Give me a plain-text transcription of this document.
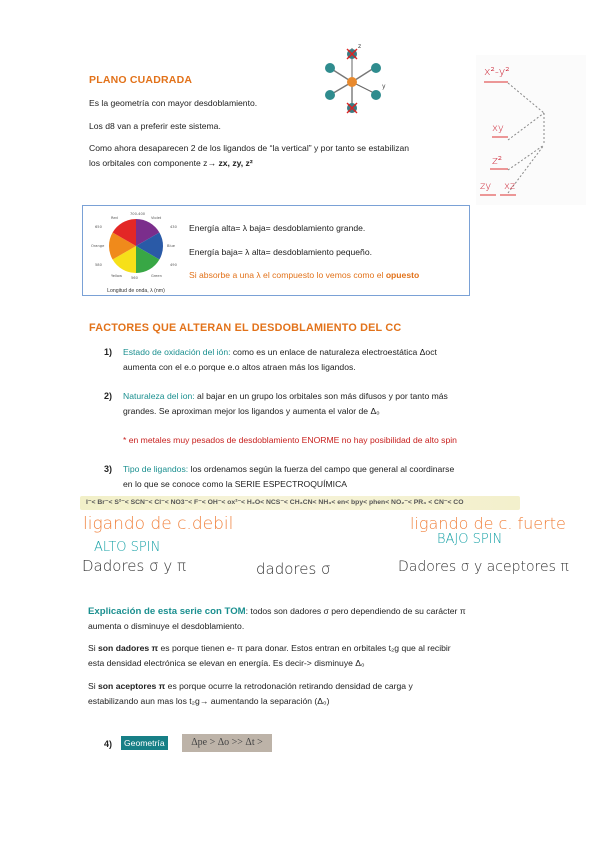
PLANO CUADRADA
Es la geometría con mayor desdoblamiento.
Los d8 van a preferir este sistema.
Como ahora desaparecen 2 de los ligandos de “la vertical” y por tanto se estabilizan
los orbitales con componente z→ zx, zy, z²
z
y
x²-y²
xy
z²
zy xz
700-400
Red	Violet
650	430
Orange	Blue
580	490
Yellow	Green
560
Longitud de onda, λ (nm)
Energía alta= λ baja= desdoblamiento grande.
Energía baja= λ alta= desdoblamiento pequeño.
Si absorbe a una λ el compuesto lo vemos como el opuesto
FACTORES QUE ALTERAN EL DESDOBLAMIENTO DEL CC
1) Estado de oxidación del ión: como es un enlace de naturaleza electroestática Δoct
aumenta con el e.o porque e.o altos atraen más los ligandos.
2) Naturaleza del ion: al bajar en un grupo los orbitales son más difusos y por tanto más
grandes. Se aproximan mejor los ligandos y aumenta el valor de Δ₀
* en metales muy pesados de desdoblamiento ENORME no hay posibilidad de alto spin
3) Tipo de ligandos: los ordenamos según la fuerza del campo que general al coordinarse
en lo que se conoce como la SERIE ESPECTROQUÍMICA
I⁻< Br⁻< S²⁻< SCN⁻< Cl⁻< NO3⁻< F⁻< OH⁻< ox²⁻< H₂O< NCS⁻< CH₃CN< NH₃< en< bpy< phen< NO₂⁻< PR₃ < CN⁻< CO
ligando de c.debil
ALTO SPIN
ligando de c. fuerte
BAJO SPIN
Dadores σ y π	dadores σ	Dadores σ y aceptores π
Explicación de esta serie con TOM: todos son dadores σ pero dependiendo de su carácter π
aumenta o disminuye el desdoblamiento.
Si son dadores π es porque tienen e- π para donar. Estos entran en orbitales t₂g que al recibir
esta densidad electrónica se elevan en energía. Es decir-> disminuye Δ₀
Si son aceptores π es porque ocurre la retrodonación retirando densidad de carga y
estabilizando aun mas los t₂g→ aumentando la separación (Δ₀)
4)	Geometría	Δpe > Δo >> Δt >
